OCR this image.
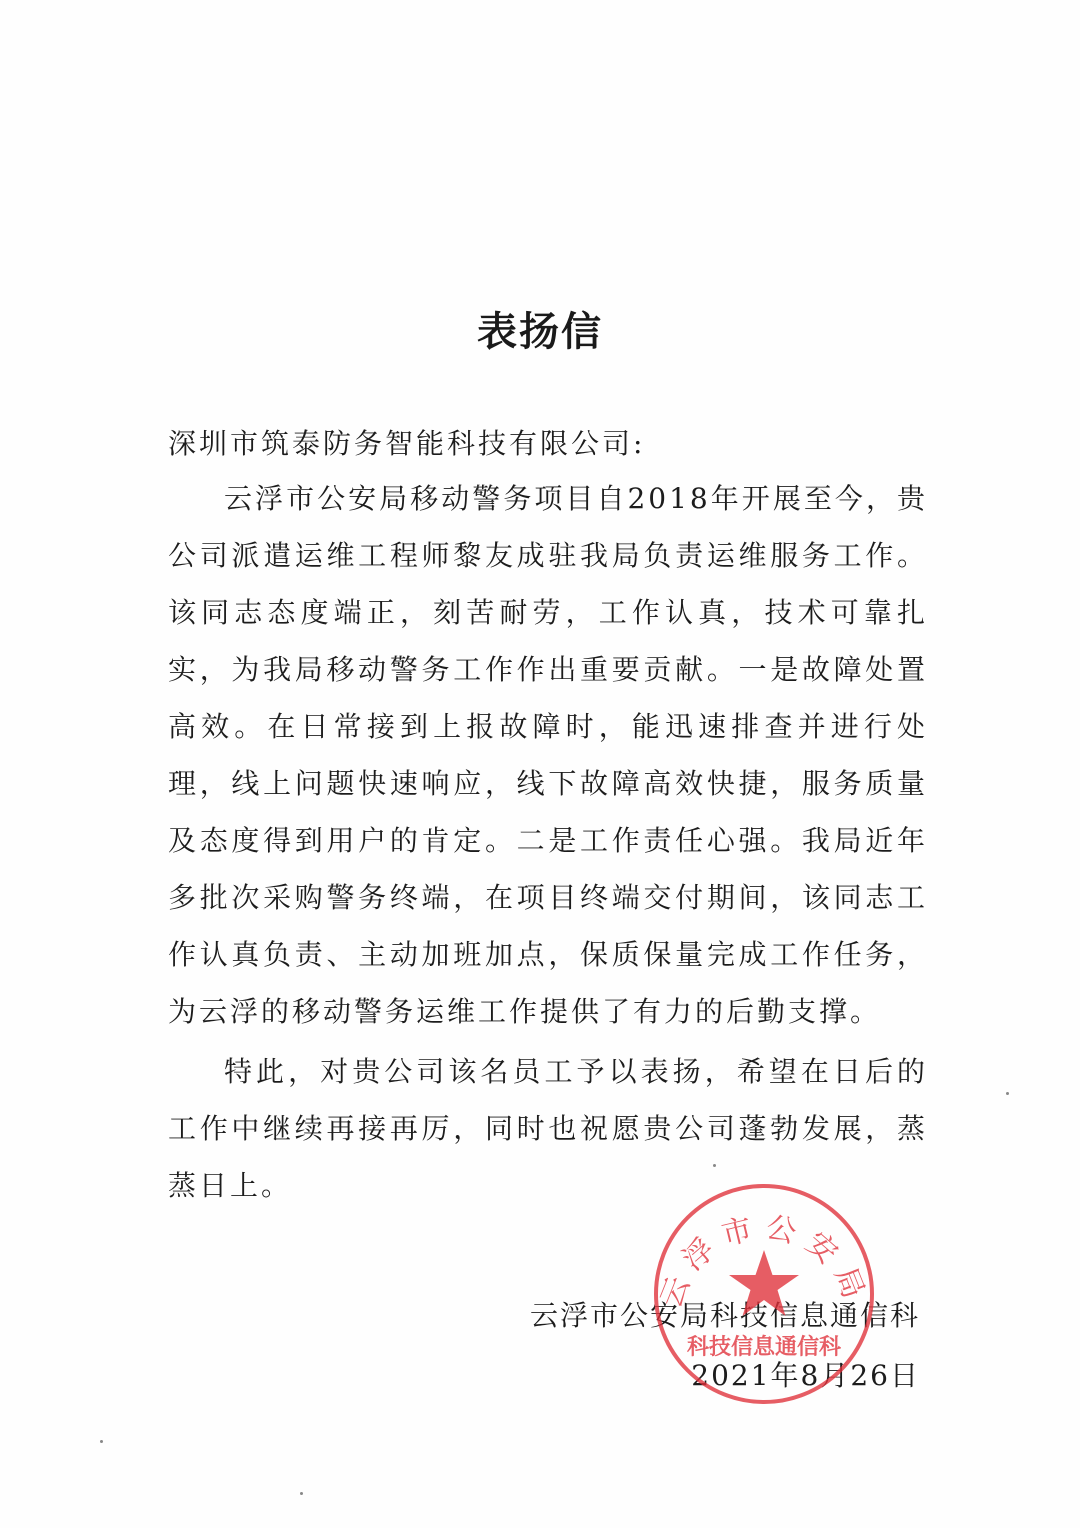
表扬信
深圳市筑泰防务智能科技有限公司:

云浮市公安局移动警务项目自2018年开展至今，贵公司派遣运维工程师黎友成驻我局负责运维服务工作。该同志态度端正，刻苦耐劳，工作认真，技术可靠扎实，为我局移动警务工作作出重要贡献。一是故障处置高效。在日常接到上报故障时，能迅速排查并进行处理，线上问题快速响应，线下故障高效快捷，服务质量及态度得到用户的肯定。二是工作责任心强。我局近年多批次采购警务终端，在项目终端交付期间，该同志工作认真负责、主动加班加点，保质保量完成工作任务，为云浮的移动警务运维工作提供了有力的后勤支撑。

特此，对贵公司该名员工予以表扬，希望在日后的工作中继续再接再厉，同时也祝愿贵公司蓬勃发展，蒸蒸日上。

云浮市公安局科技信息通信科
2021年8月26日
云浮市公安局
科技信息通信科
